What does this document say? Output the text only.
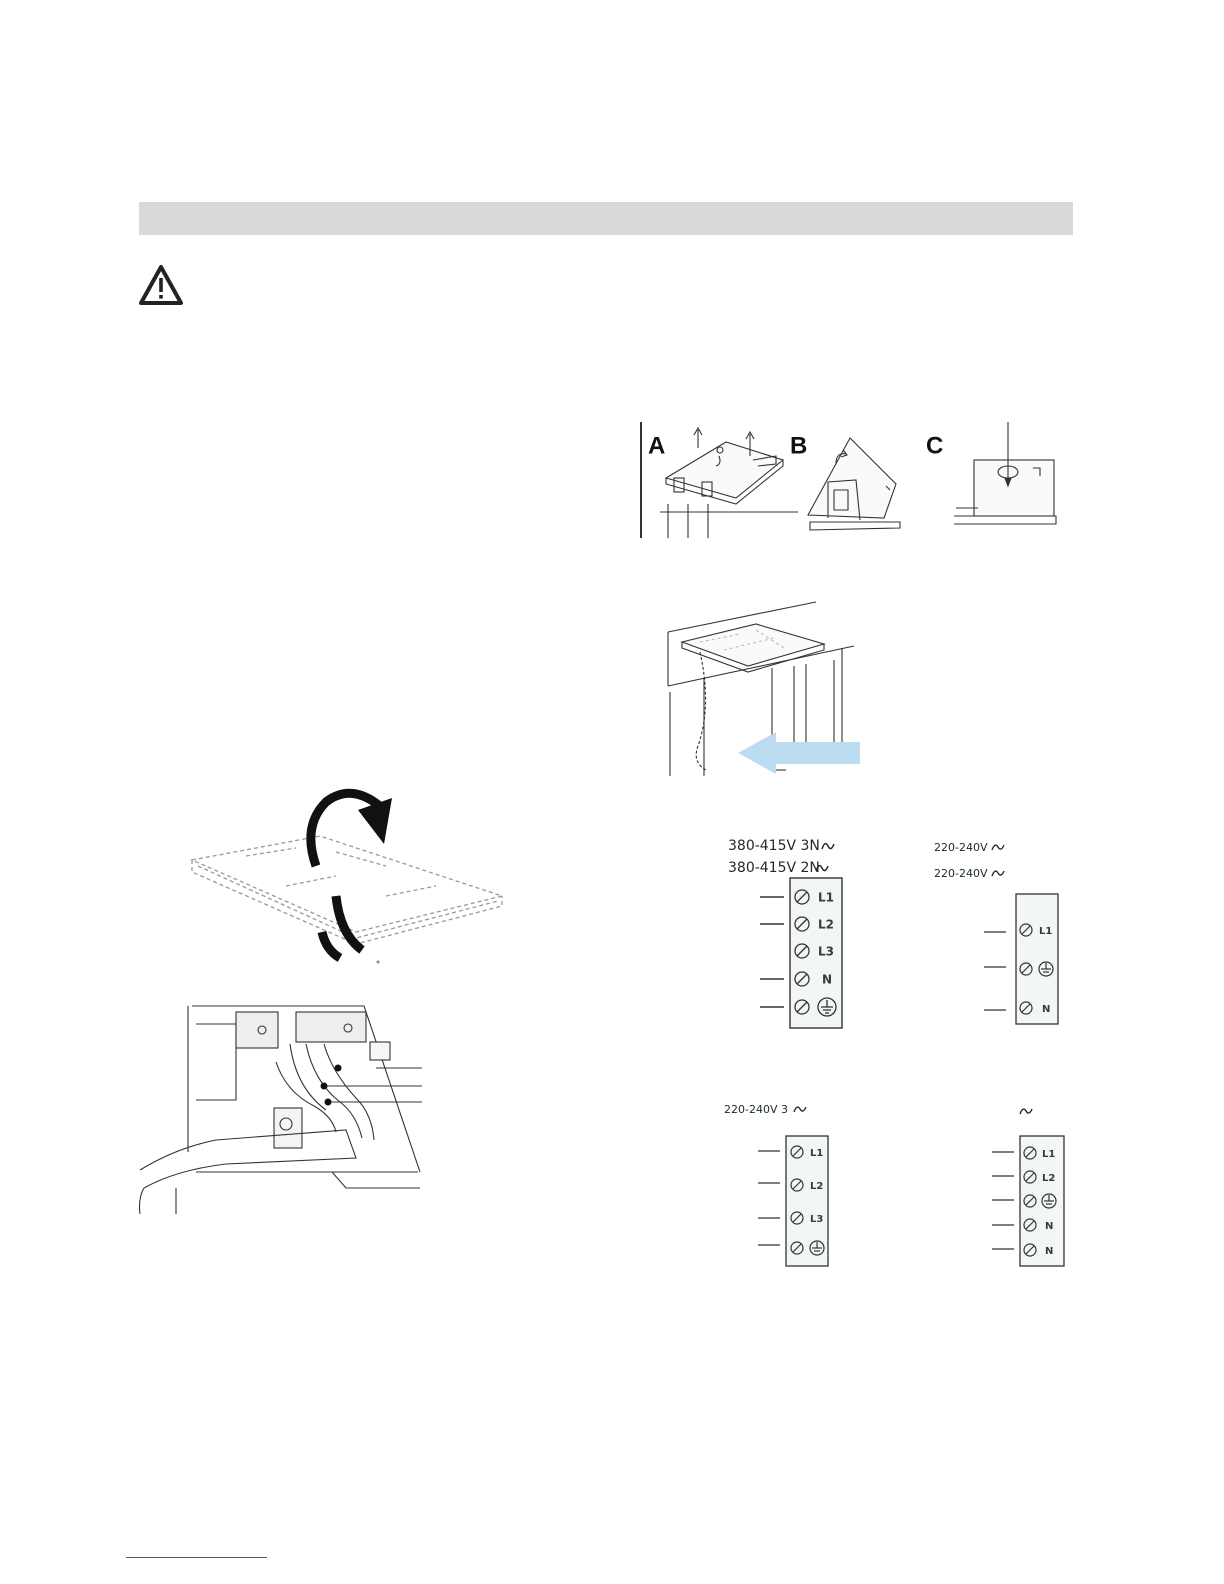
A	B	C
380-415V 3N
380-415V 2N
L1
L2
L3
N
220-240V
220-240V
L1
N
220-240V 3
L1
L2
L3
L1
L2
N
N
